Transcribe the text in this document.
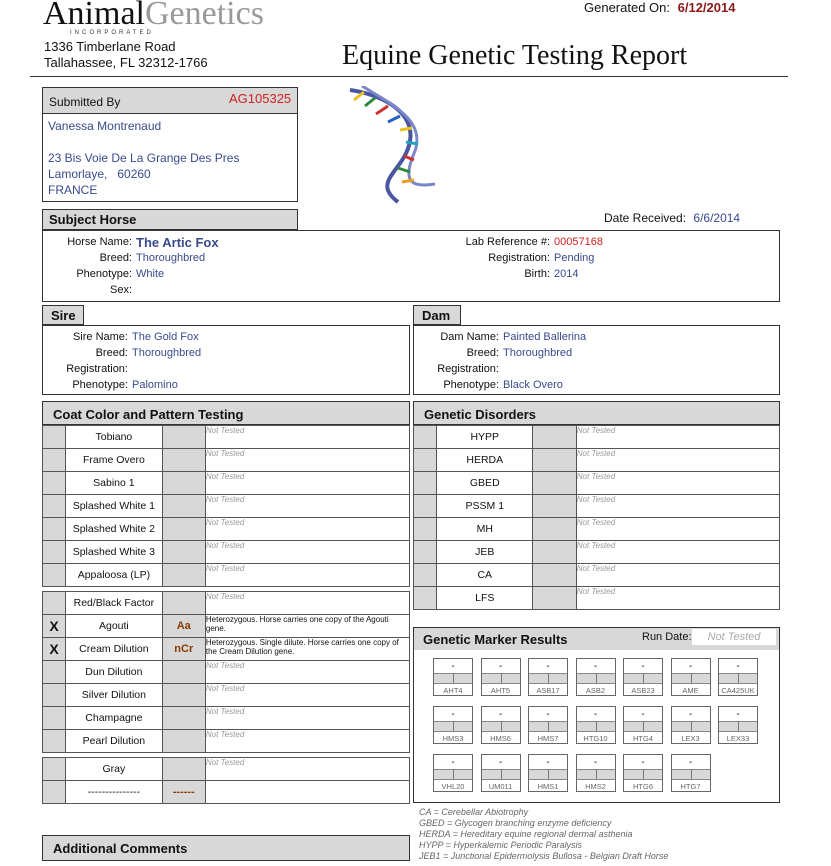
AnimalGenetics
INCORPORATED
1336 Timberlane Road
Tallahassee, FL 32312-1766
Generated On: 6/12/2014
Equine Genetic Testing Report
Submitted By	AG105325
Vanessa Montrenaud
23 Bis Voie De La Grange Des Pres
Lamorlaye,   60260
FRANCE
Subject Horse	Date Received: 6/6/2014
Horse Name: The Artic Fox
Breed: Thoroughbred
Phenotype: White
Sex:
Lab Reference #: 00057168
Registration: Pending
Birth: 2014
Sire
Sire Name: The Gold Fox
Breed: Thoroughbred
Registration:
Phenotype: Palomino
Dam
Dam Name: Painted Ballerina
Breed: Thoroughbred
Registration:
Phenotype: Black Overo
Coat Color and Pattern Testing
	Tobiano		Not Tested
	Frame Overo		Not Tested
	Sabino 1		Not Tested
	Splashed White 1		Not Tested
	Splashed White 2		Not Tested
	Splashed White 3		Not Tested
	Appaloosa (LP)		Not Tested

	Red/Black Factor		Not Tested
X	Agouti	Aa	Heterozygous. Horse carries one copy of the Agouti gene.
X	Cream Dilution	nCr	Heterozygous. Single dilute. Horse carries one copy of the Cream Dilution gene.
	Dun Dilution		Not Tested
	Silver Dilution		Not Tested
	Champagne		Not Tested
	Pearl Dilution		Not Tested

	Gray		Not Tested
	---------------	------	
Genetic Disorders
	HYPP		Not Tested
	HERDA		Not Tested
	GBED		Not Tested
	PSSM 1		Not Tested
	MH		Not Tested
	JEB		Not Tested
	CA		Not Tested
	LFS		Not Tested
Genetic Marker Results	Run Date:	Not Tested
-
AHT4
-
AHT5
-
ASB17
-
ASB2
-
ASB23
-
AME
-
CA425UK
-
HMS3
-
HMS6
-
HMS7
-
HTG10
-
HTG4
-
LEX3
-
LEX33
-
VHL20
-
UM011
-
HMS1
-
HMS2
-
HTG6
-
HTG7
CA = Cerebellar Abiotrophy
GBED = Glycogen branching enzyme deficiency
HERDA = Hereditary equine regional dermal asthenia
HYPP = Hyperkalemic Periodic Paralysis
JEB1 = Junctional Epidermolysis Bullosa - Belgian Draft Horse
Additional Comments
